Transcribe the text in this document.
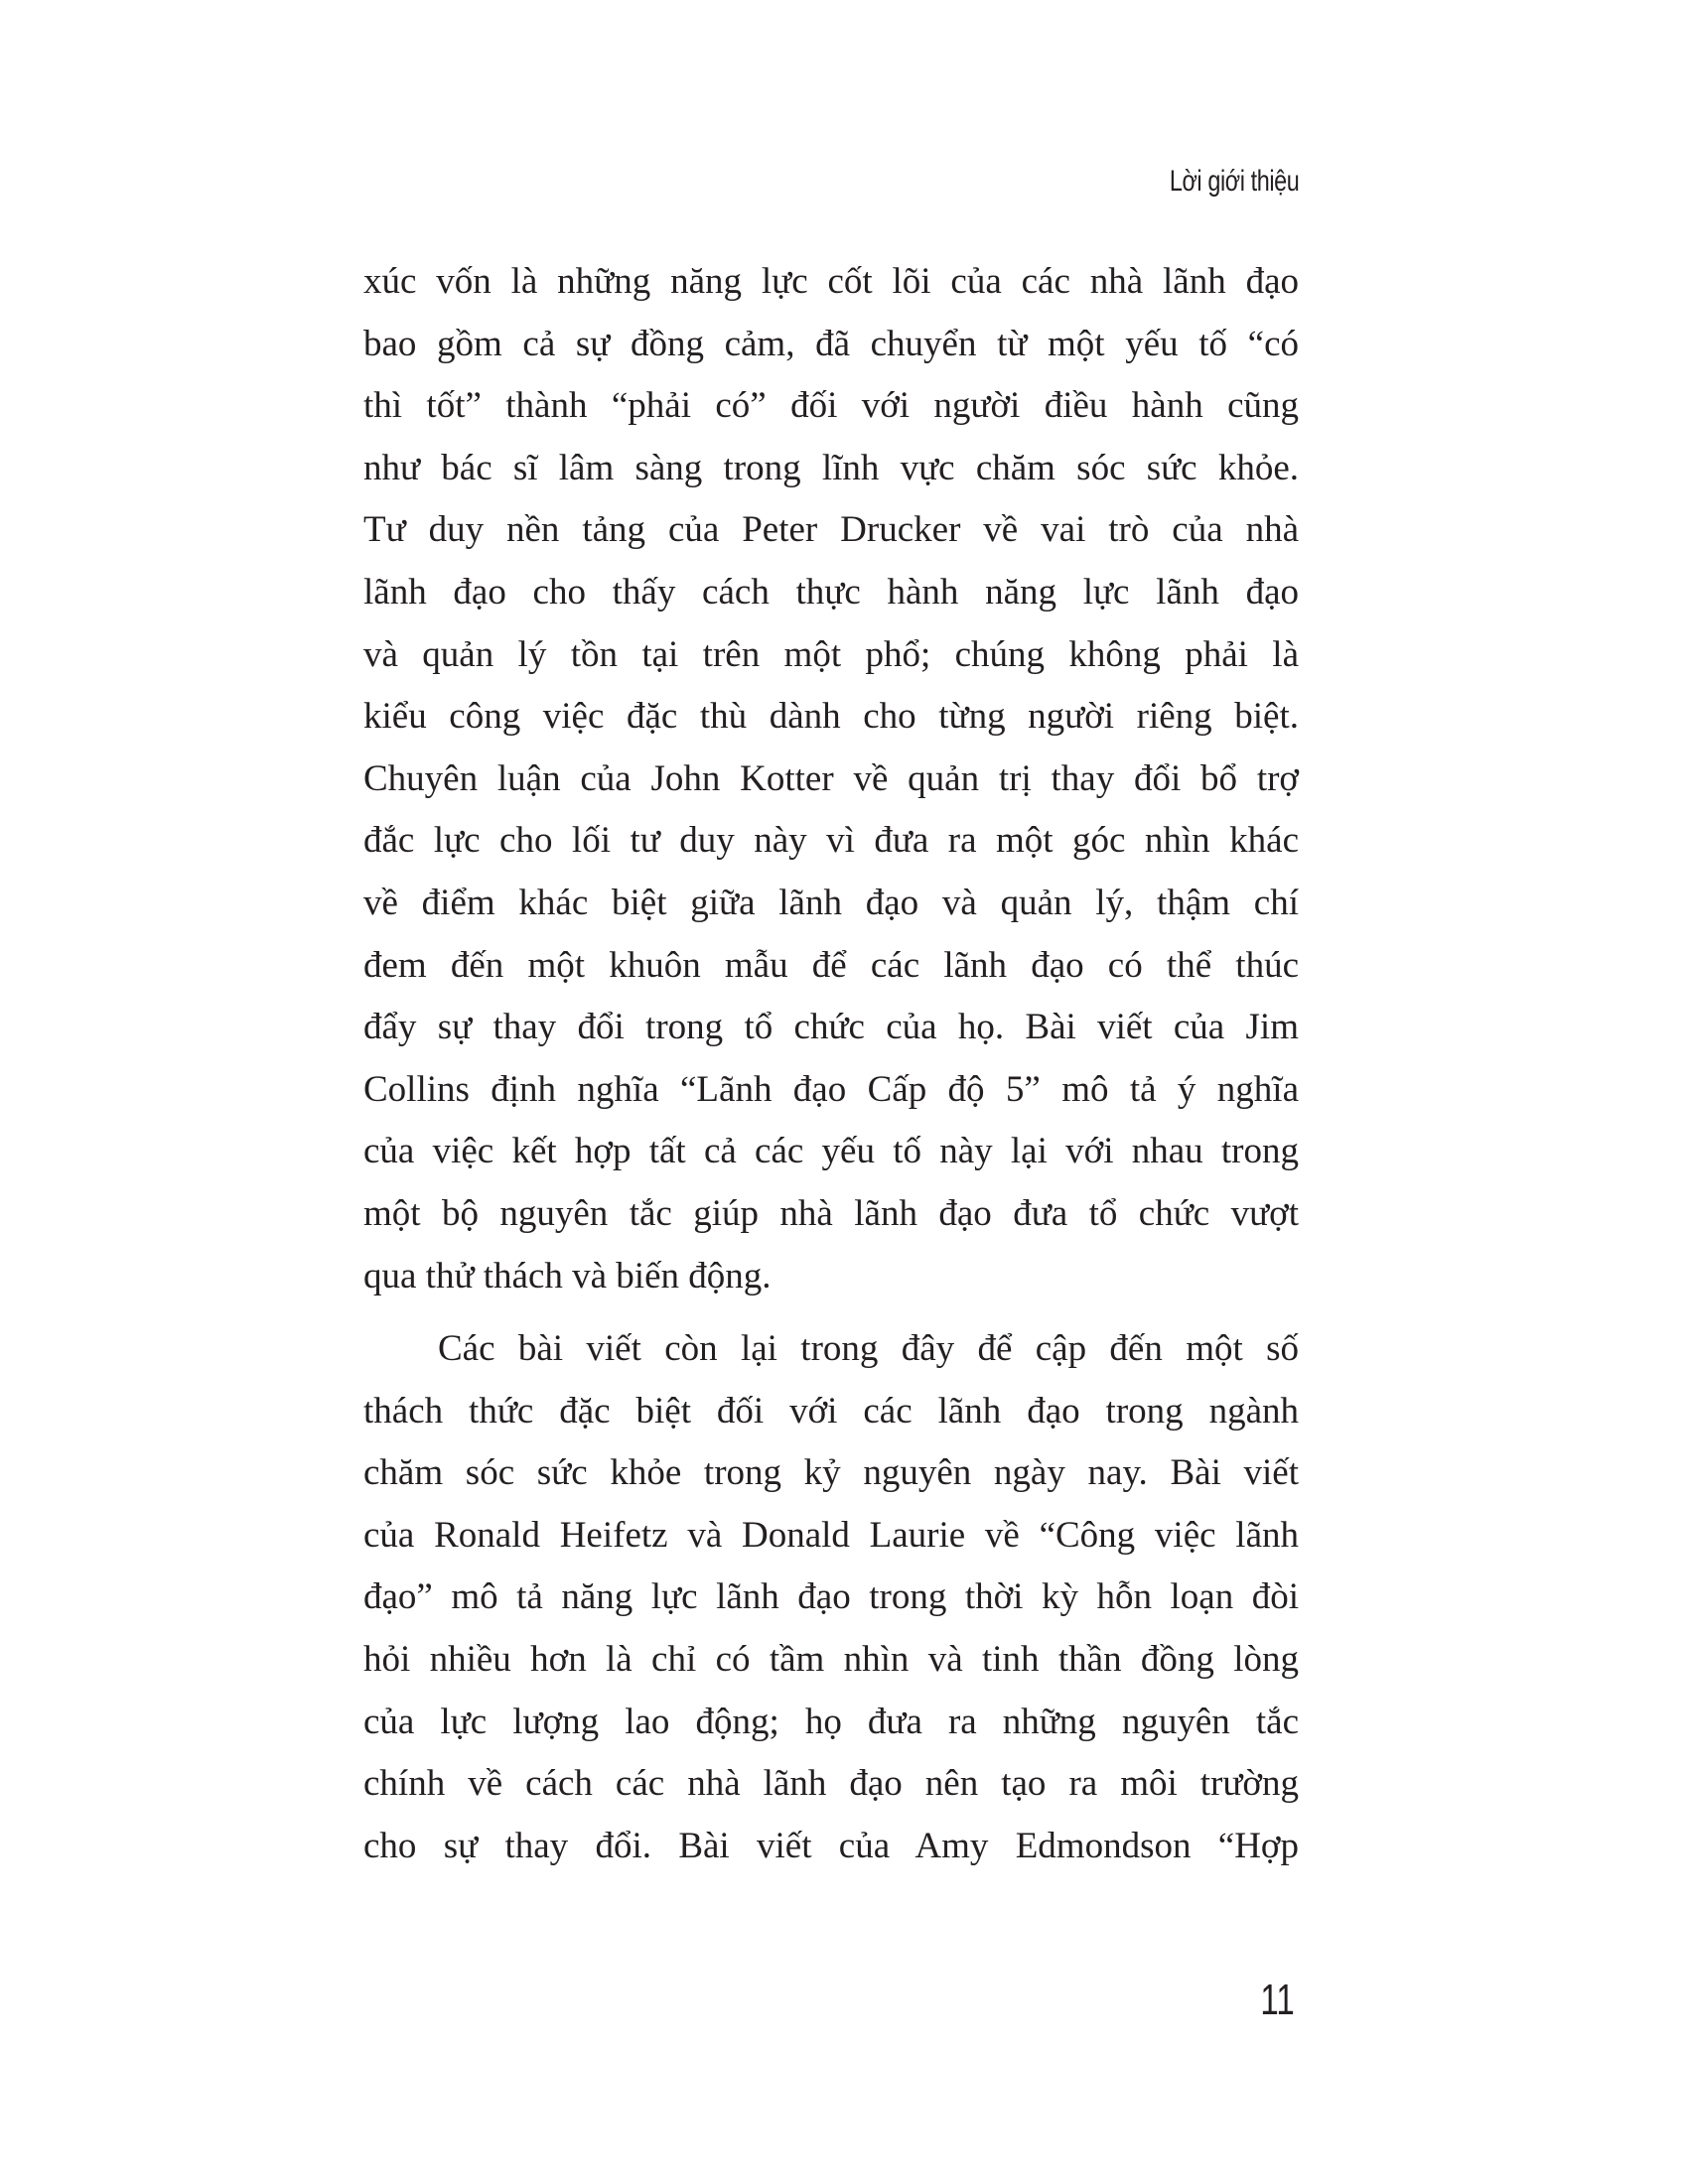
Lời giới thiệu
xúc vốn là những năng lực cốt lõi của các nhà lãnh đạo
bao gồm cả sự đồng cảm, đã chuyển từ một yếu tố “có
thì tốt” thành “phải có” đối với người điều hành cũng
như bác sĩ lâm sàng trong lĩnh vực chăm sóc sức khỏe.
Tư duy nền tảng của Peter Drucker về vai trò của nhà
lãnh đạo cho thấy cách thực hành năng lực lãnh đạo
và quản lý tồn tại trên một phổ; chúng không phải là
kiểu công việc đặc thù dành cho từng người riêng biệt.
Chuyên luận của John Kotter về quản trị thay đổi bổ trợ
đắc lực cho lối tư duy này vì đưa ra một góc nhìn khác
về điểm khác biệt giữa lãnh đạo và quản lý, thậm chí
đem đến một khuôn mẫu để các lãnh đạo có thể thúc
đẩy sự thay đổi trong tổ chức của họ. Bài viết của Jim
Collins định nghĩa “Lãnh đạo Cấp độ 5” mô tả ý nghĩa
của việc kết hợp tất cả các yếu tố này lại với nhau trong
một bộ nguyên tắc giúp nhà lãnh đạo đưa tổ chức vượt
qua thử thách và biến động.
Các bài viết còn lại trong đây để cập đến một số
thách thức đặc biệt đối với các lãnh đạo trong ngành
chăm sóc sức khỏe trong kỷ nguyên ngày nay. Bài viết
của Ronald Heifetz và Donald Laurie về “Công việc lãnh
đạo” mô tả năng lực lãnh đạo trong thời kỳ hỗn loạn đòi
hỏi nhiều hơn là chỉ có tầm nhìn và tinh thần đồng lòng
của lực lượng lao động; họ đưa ra những nguyên tắc
chính về cách các nhà lãnh đạo nên tạo ra môi trường
cho sự thay đổi. Bài viết của Amy Edmondson “Hợp
11
